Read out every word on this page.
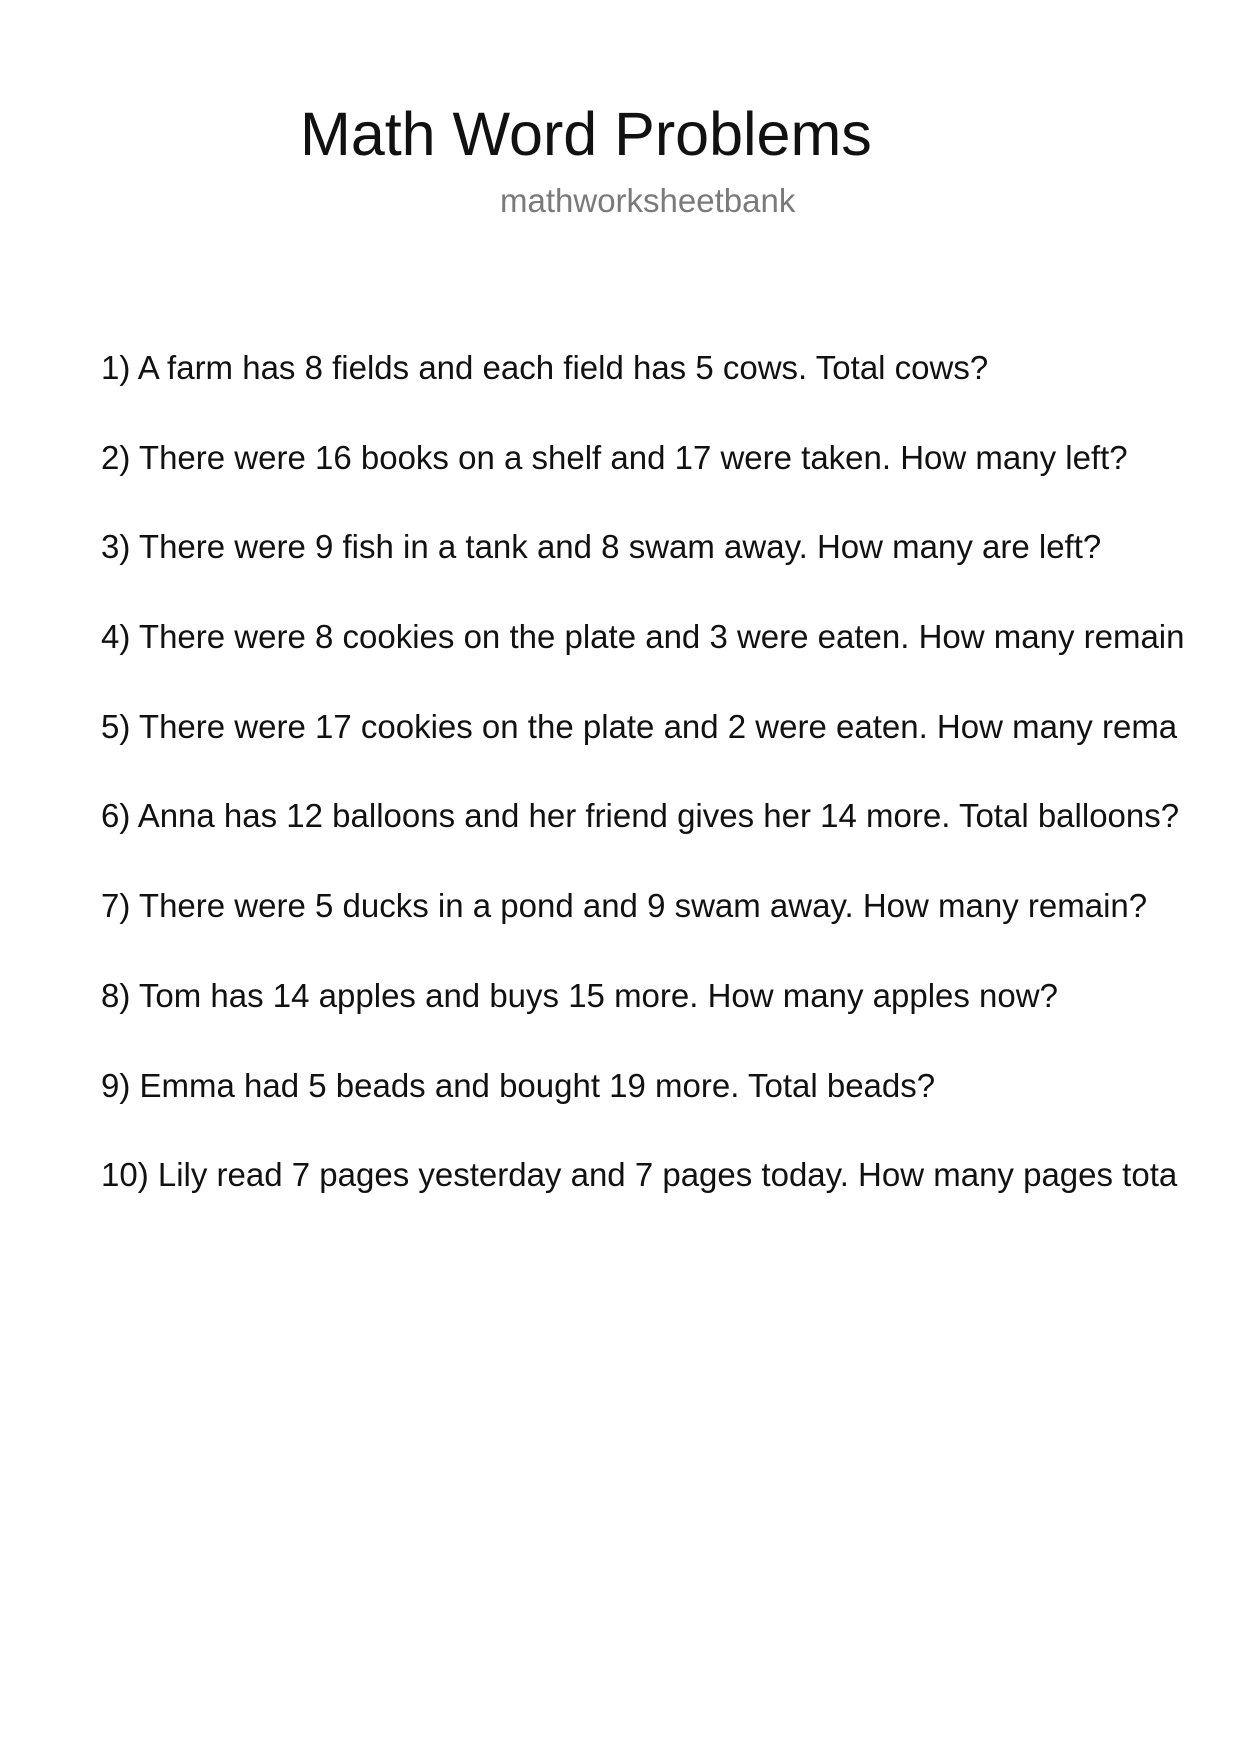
Math Word Problems
mathworksheetbank
1) A farm has 8 fields and each field has 5 cows. Total cows?
2) There were 16 books on a shelf and 17 were taken. How many left?
3) There were 9 fish in a tank and 8 swam away. How many are left?
4) There were 8 cookies on the plate and 3 were eaten. How many remain
5) There were 17 cookies on the plate and 2 were eaten. How many rema
6) Anna has 12 balloons and her friend gives her 14 more. Total balloons?
7) There were 5 ducks in a pond and 9 swam away. How many remain?
8) Tom has 14 apples and buys 15 more. How many apples now?
9) Emma had 5 beads and bought 19 more. Total beads?
10) Lily read 7 pages yesterday and 7 pages today. How many pages tota
